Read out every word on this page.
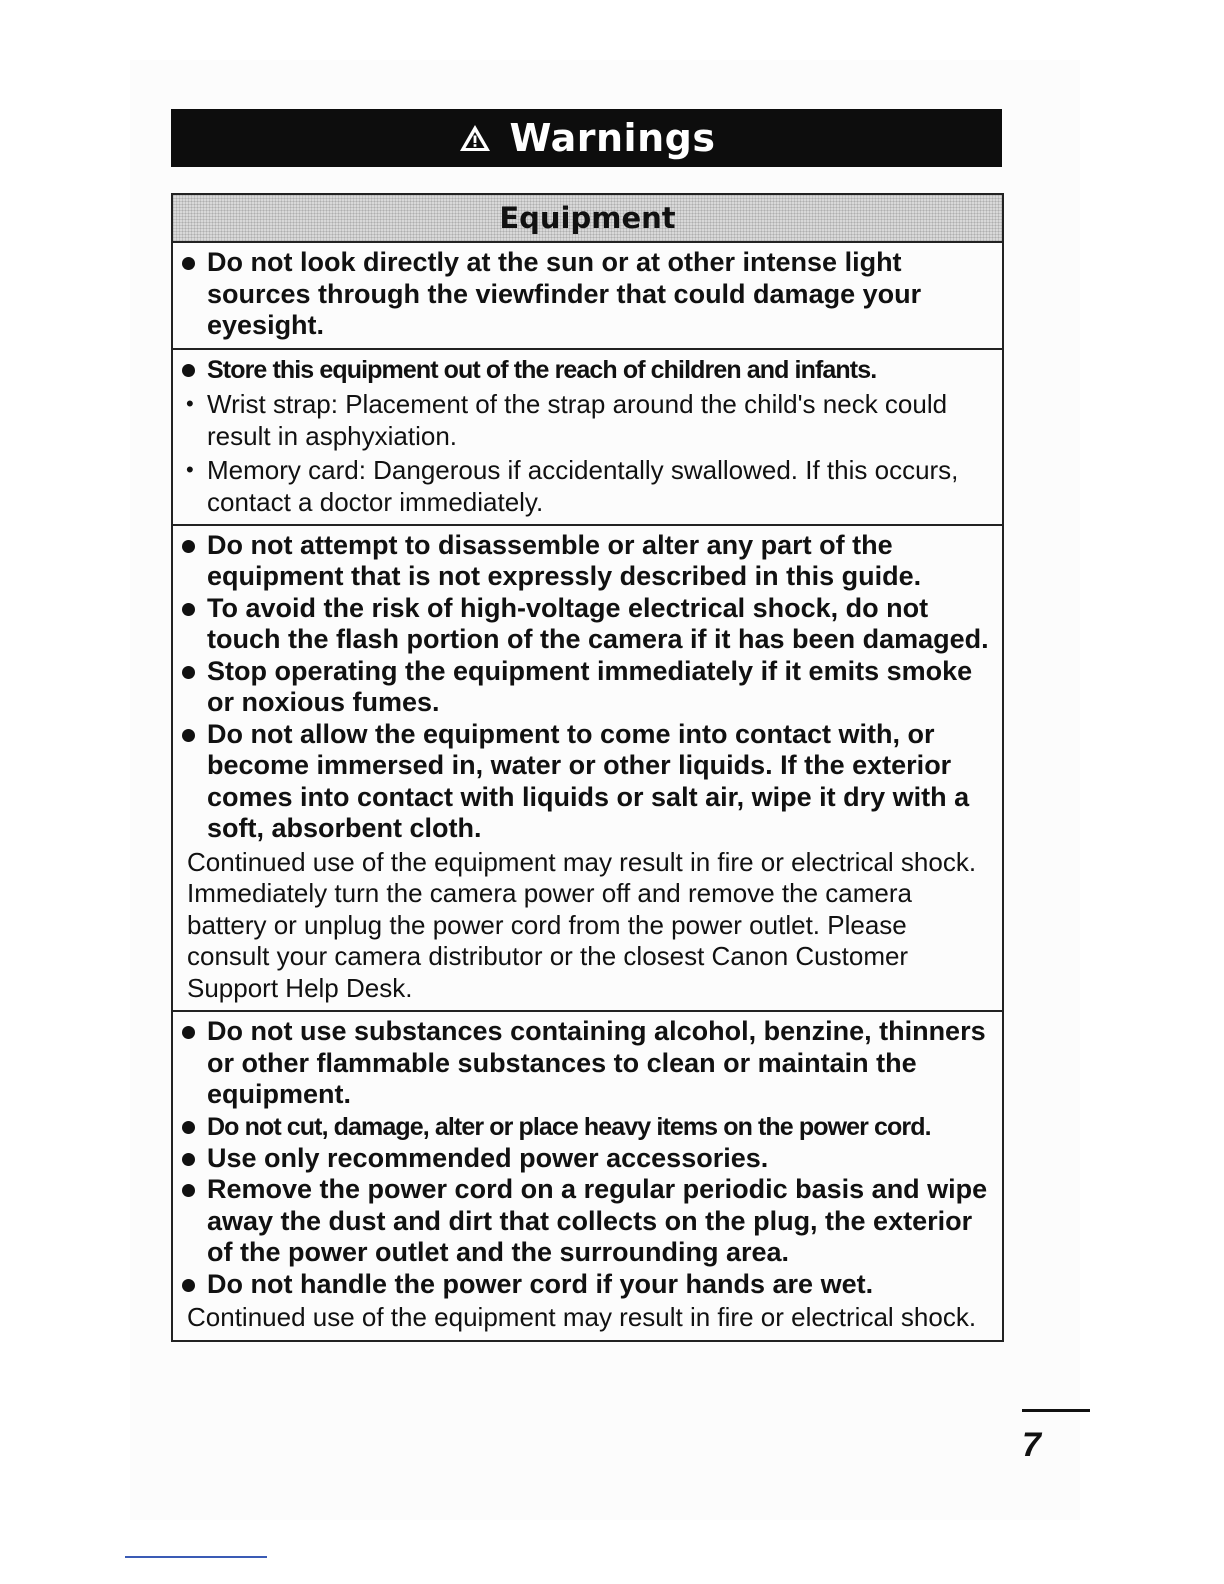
Warnings
Equipment
Do not look directly at the sun or at other intense light sources through the viewfinder that could damage your eyesight.
Store this equipment out of the reach of children and infants.
• Wrist strap: Placement of the strap around the child's neck could result in asphyxiation.
• Memory card: Dangerous if accidentally swallowed. If this occurs, contact a doctor immediately.
Do not attempt to disassemble or alter any part of the equipment that is not expressly described in this guide.
To avoid the risk of high-voltage electrical shock, do not touch the flash portion of the camera if it has been damaged.
Stop operating the equipment immediately if it emits smoke or noxious fumes.
Do not allow the equipment to come into contact with, or become immersed in, water or other liquids. If the exterior comes into contact with liquids or salt air, wipe it dry with a soft, absorbent cloth.
Continued use of the equipment may result in fire or electrical shock. Immediately turn the camera power off and remove the camera battery or unplug the power cord from the power outlet. Please consult your camera distributor or the closest Canon Customer Support Help Desk.
Do not use substances containing alcohol, benzine, thinners or other flammable substances to clean or maintain the equipment.
Do not cut, damage, alter or place heavy items on the power cord.
Use only recommended power accessories.
Remove the power cord on a regular periodic basis and wipe away the dust and dirt that collects on the plug, the exterior of the power outlet and the surrounding area.
Do not handle the power cord if your hands are wet.
Continued use of the equipment may result in fire or electrical shock.
7
